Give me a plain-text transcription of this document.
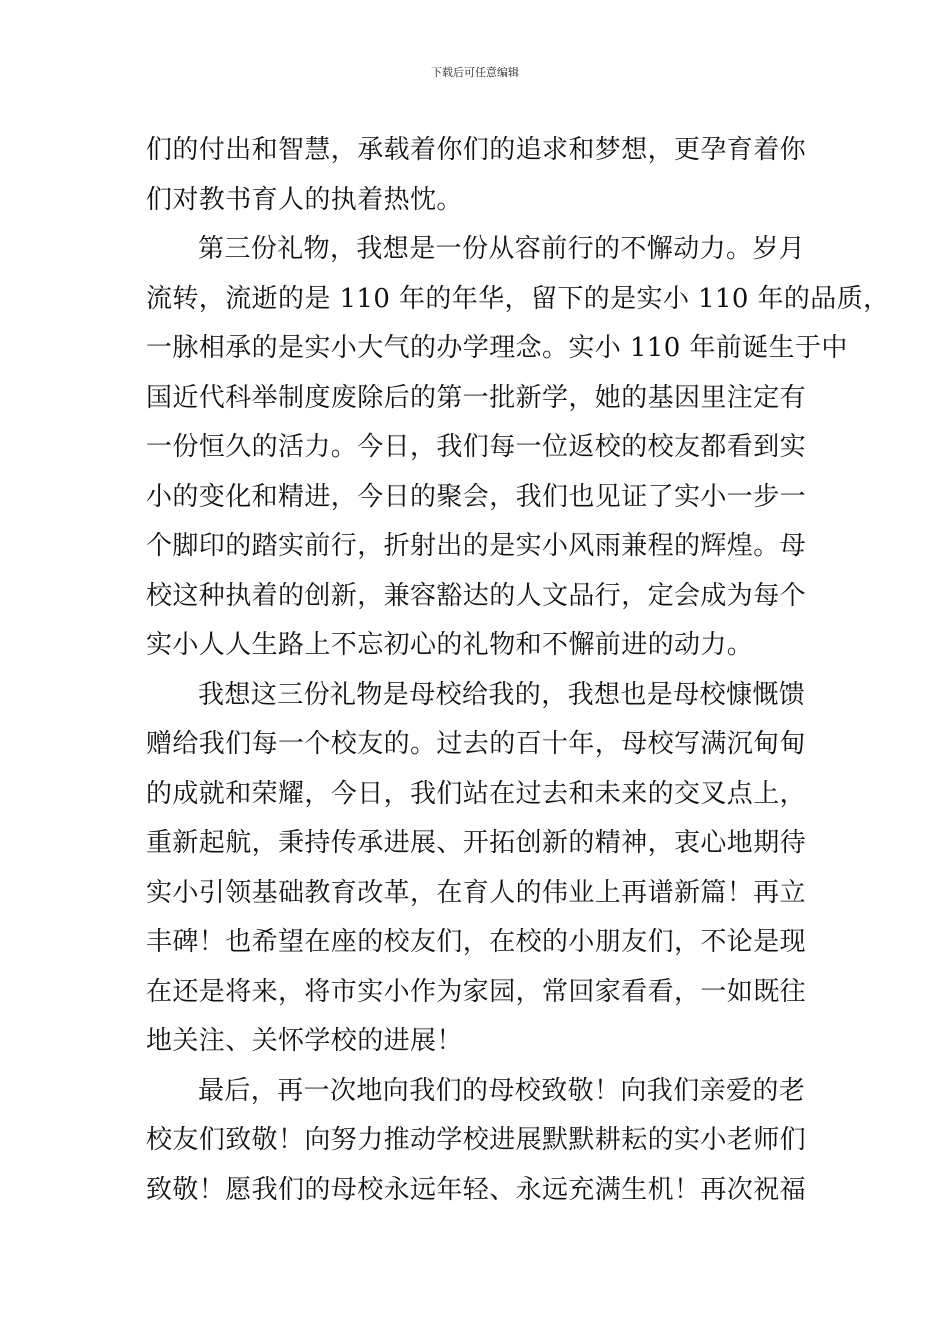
下载后可任意编辑
们的付出和智慧，承载着你们的追求和梦想，更孕育着你
们对教书育人的执着热忱。
第三份礼物，我想是一份从容前行的不懈动力。岁月
流转，流逝的是 110 年的年华，留下的是实小 110 年的品质，
一脉相承的是实小大气的办学理念。实小 110 年前诞生于中
国近代科举制度废除后的第一批新学，她的基因里注定有
一份恒久的活力。今日，我们每一位返校的校友都看到实
小的变化和精进，今日的聚会，我们也见证了实小一步一
个脚印的踏实前行，折射出的是实小风雨兼程的辉煌。母
校这种执着的创新，兼容豁达的人文品行，定会成为每个
实小人人生路上不忘初心的礼物和不懈前进的动力。
我想这三份礼物是母校给我的，我想也是母校慷慨馈
赠给我们每一个校友的。过去的百十年，母校写满沉甸甸
的成就和荣耀，今日，我们站在过去和未来的交叉点上，
重新起航，秉持传承进展、开拓创新的精神，衷心地期待
实小引领基础教育改革，在育人的伟业上再谱新篇！再立
丰碑！也希望在座的校友们，在校的小朋友们，不论是现
在还是将来，将市实小作为家园，常回家看看，一如既往
地关注、关怀学校的进展！
最后，再一次地向我们的母校致敬！向我们亲爱的老
校友们致敬！向努力推动学校进展默默耕耘的实小老师们
致敬！愿我们的母校永远年轻、永远充满生机！再次祝福
